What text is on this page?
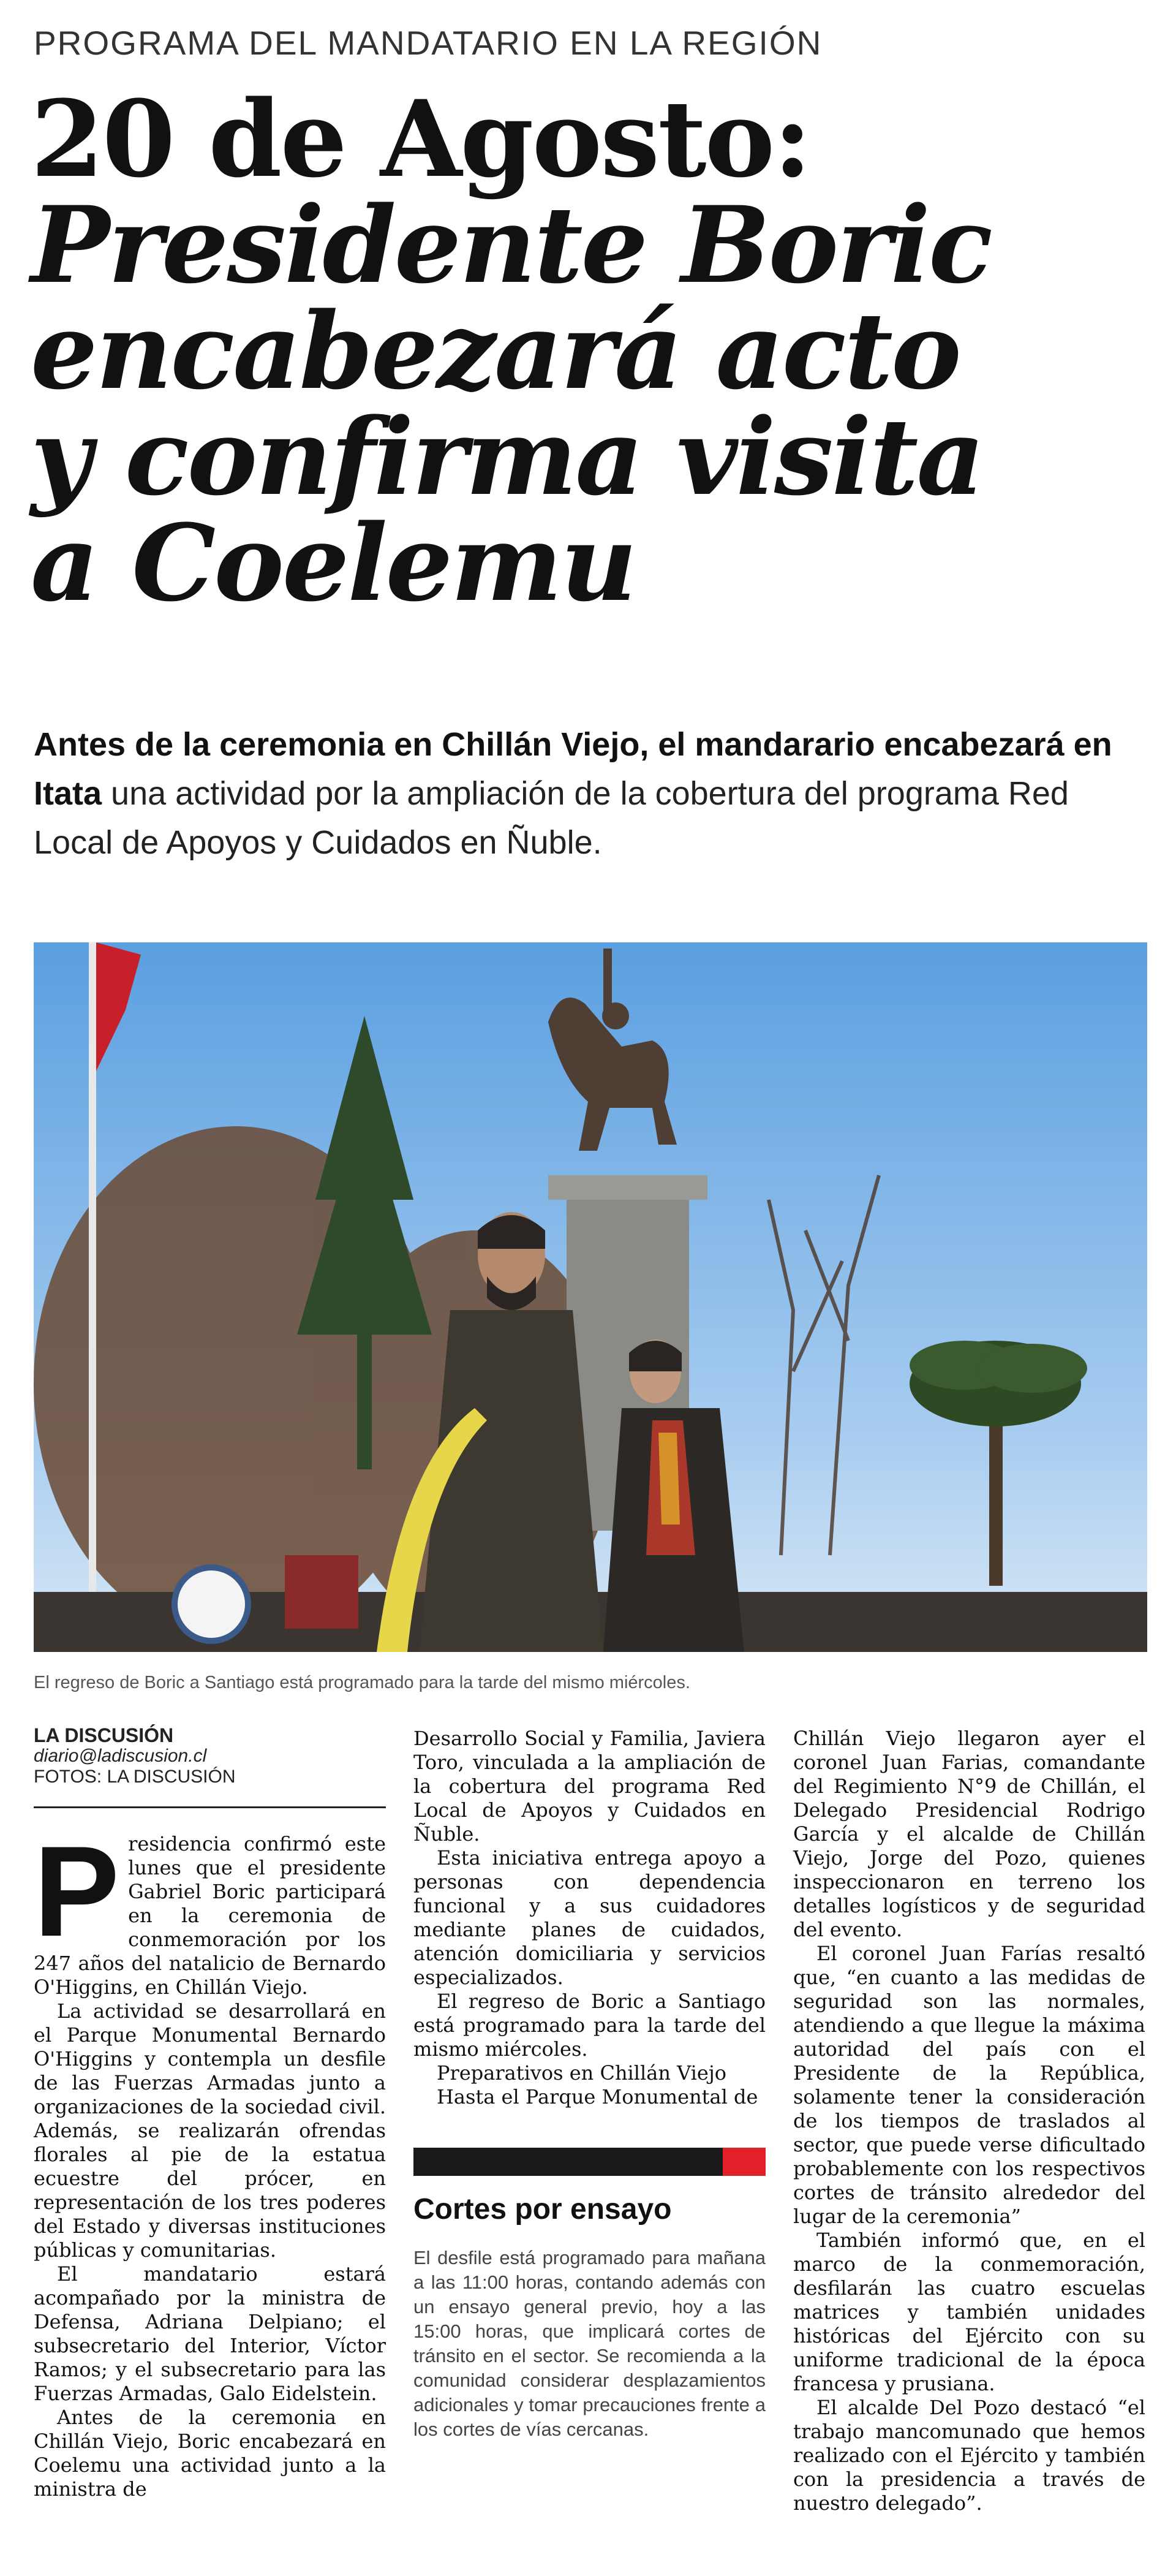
PROGRAMA DEL MANDATARIO EN LA REGIÓN
20 de Agosto:
Presidente Boric
encabezará acto
y confirma visita
a Coelemu
Antes de la ceremonia en Chillán Viejo, el mandarario encabezará en Itata una actividad por la ampliación de la cobertura del programa Red Local de Apoyos y Cuidados en Ñuble.
El regreso de Boric a Santiago está programado para la tarde del mismo miércoles.
LA DISCUSIÓN
diario@ladiscusion.cl
FOTOS: LA DISCUSIÓN
P residencia confirmó este lunes que el presidente Gabriel Boric participará en la ceremonia de conmemoración por los 247 años del natalicio de Bernardo O'Higgins, en Chillán Viejo.

La actividad se desarrollará en el Parque Monumental Bernardo O'Higgins y contempla un desfile de las Fuerzas Armadas junto a organizaciones de la sociedad civil. Además, se realizarán ofrendas florales al pie de la estatua ecuestre del prócer, en representación de los tres poderes del Estado y diversas instituciones públicas y comunitarias.

El mandatario estará acompañado por la ministra de Defensa, Adriana Delpiano; el subsecretario del Interior, Víctor Ramos; y el subsecretario para las Fuerzas Armadas, Galo Eidelstein.

Antes de la ceremonia en Chillán Viejo, Boric encabezará en Coelemu una actividad junto a la ministra de

Desarrollo Social y Familia, Javiera Toro, vinculada a la ampliación de la cobertura del programa Red Local de Apoyos y Cuidados en Ñuble.

Esta iniciativa entrega apoyo a personas con dependencia funcional y a sus cuidadores mediante planes de cuidados, atención domiciliaria y servicios especializados.

El regreso de Boric a Santiago está programado para la tarde del mismo miércoles.

Preparativos en Chillán Viejo

Hasta el Parque Monumental de

Cortes por ensayo
El desfile está programado para mañana a las 11:00 horas, contando además con un ensayo general previo, hoy a las 15:00 horas, que implicará cortes de tránsito en el sector. Se recomienda a la comunidad considerar desplazamientos adicionales y tomar precauciones frente a los cortes de vías cercanas.

Chillán Viejo llegaron ayer el coronel Juan Farias, comandante del Regimiento N°9 de Chillán, el Delegado Presidencial Rodrigo García y el alcalde de Chillán Viejo, Jorge del Pozo, quienes inspeccionaron en terreno los detalles logísticos y de seguridad del evento.

El coronel Juan Farías resaltó que, “en cuanto a las medidas de seguridad son las normales, atendiendo a que llegue la máxima autoridad del país con el Presidente de la República, solamente tener la consideración de los tiempos de traslados al sector, que puede verse dificultado probablemente con los respectivos cortes de tránsito alrededor del lugar de la ceremonia”

También informó que, en el marco de la conmemoración, desfilarán las cuatro escuelas matrices y también unidades históricas del Ejército con su uniforme tradicional de la época francesa y prusiana.

El alcalde Del Pozo destacó “el trabajo mancomunado que hemos realizado con el Ejército y también con la presidencia a través de nuestro delegado”.
